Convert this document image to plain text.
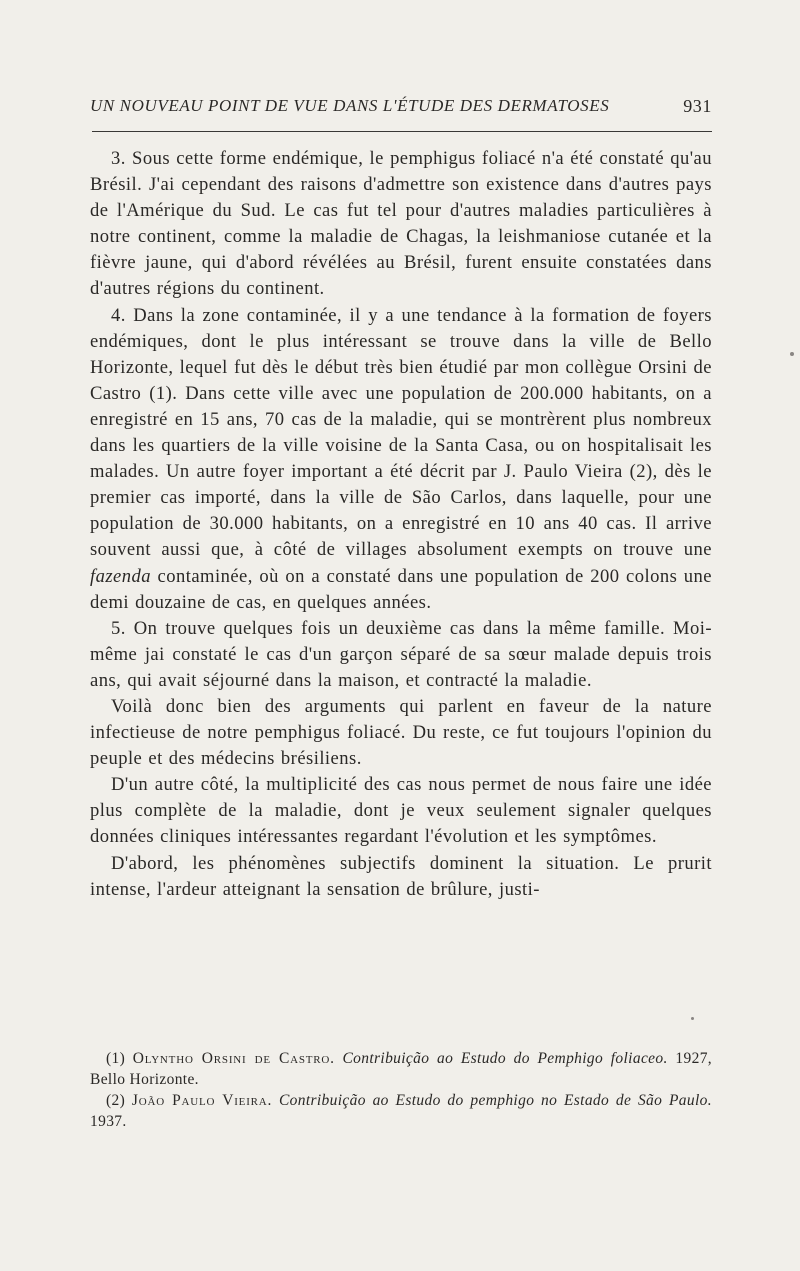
UN NOUVEAU POINT DE VUE DANS L'ÉTUDE DES DERMATOSES	931

3. Sous cette forme endémique, le pemphigus foliacé n'a été constaté qu'au Brésil. J'ai cependant des raisons d'admettre son existence dans d'autres pays de l'Amérique du Sud. Le cas fut tel pour d'autres maladies particulières à notre continent, comme la maladie de Chagas, la leishmaniose cutanée et la fièvre jaune, qui d'abord révélées au Brésil, furent ensuite constatées dans d'autres régions du continent.

4. Dans la zone contaminée, il y a une tendance à la formation de foyers endémiques, dont le plus intéressant se trouve dans la ville de Bello Horizonte, lequel fut dès le début très bien étudié par mon collègue Orsini de Castro (1). Dans cette ville avec une population de 200.000 habitants, on a enregistré en 15 ans, 70 cas de la maladie, qui se montrèrent plus nombreux dans les quartiers de la ville voisine de la Santa Casa, ou on hospitalisait les malades. Un autre foyer important a été décrit par J. Paulo Vieira (2), dès le premier cas importé, dans la ville de São Carlos, dans laquelle, pour une population de 30.000 habitants, on a enregistré en 10 ans 40 cas. Il arrive souvent aussi que, à côté de villages absolument exempts on trouve une fazenda contaminée, où on a constaté dans une population de 200 colons une demi douzaine de cas, en quelques années.

5. On trouve quelques fois un deuxième cas dans la même famille. Moi-même jai constaté le cas d'un garçon séparé de sa sœur malade depuis trois ans, qui avait séjourné dans la maison, et contracté la maladie.

Voilà donc bien des arguments qui parlent en faveur de la nature infectieuse de notre pemphigus foliacé. Du reste, ce fut toujours l'opinion du peuple et des médecins brésiliens.

D'un autre côté, la multiplicité des cas nous permet de nous faire une idée plus complète de la maladie, dont je veux seulement signaler quelques données cliniques intéressantes regardant l'évolution et les symptômes.

D'abord, les phénomènes subjectifs dominent la situation. Le prurit intense, l'ardeur atteignant la sensation de brûlure, justi-

(1) Olyntho Orsini de Castro. Contribuição ao Estudo do Pemphigo foliaceo. 1927, Bello Horizonte.

(2) João Paulo Vieira. Contribuição ao Estudo do pemphigo no Estado de São Paulo. 1937.
